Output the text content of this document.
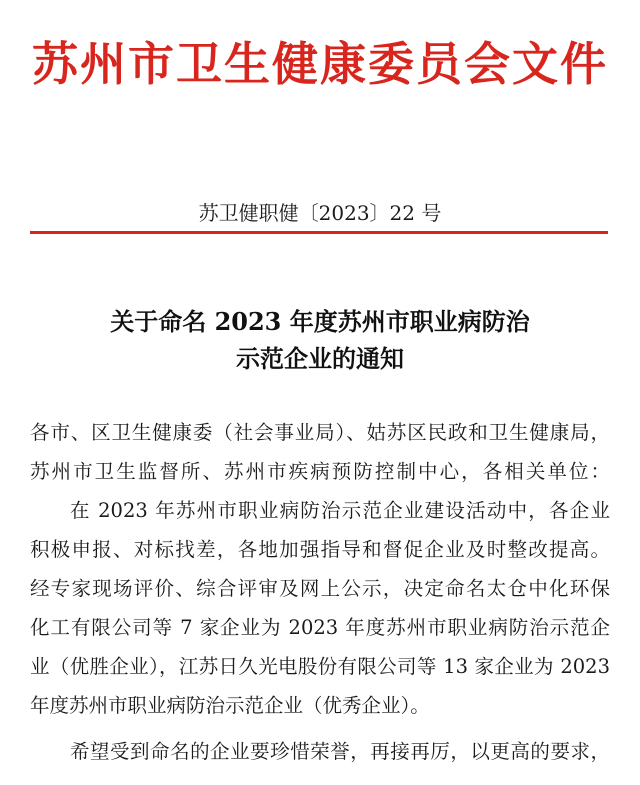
苏州市卫生健康委员会文件
苏卫健职健〔2023〕22 号
关于命名 2023 年度苏州市职业病防治
示范企业的通知
各市、区卫生健康委（社会事业局）、姑苏区民政和卫生健康局，
苏州市卫生监督所、苏州市疾病预防控制中心，各相关单位：
在 2023 年苏州市职业病防治示范企业建设活动中，各企业
积极申报、对标找差，各地加强指导和督促企业及时整改提高。
经专家现场评价、综合评审及网上公示，决定命名太仓中化环保
化工有限公司等 7 家企业为 2023 年度苏州市职业病防治示范企
业（优胜企业），江苏日久光电股份有限公司等 13 家企业为 2023
年度苏州市职业病防治示范企业（优秀企业）。
希望受到命名的企业要珍惜荣誉，再接再厉，以更高的要求，
